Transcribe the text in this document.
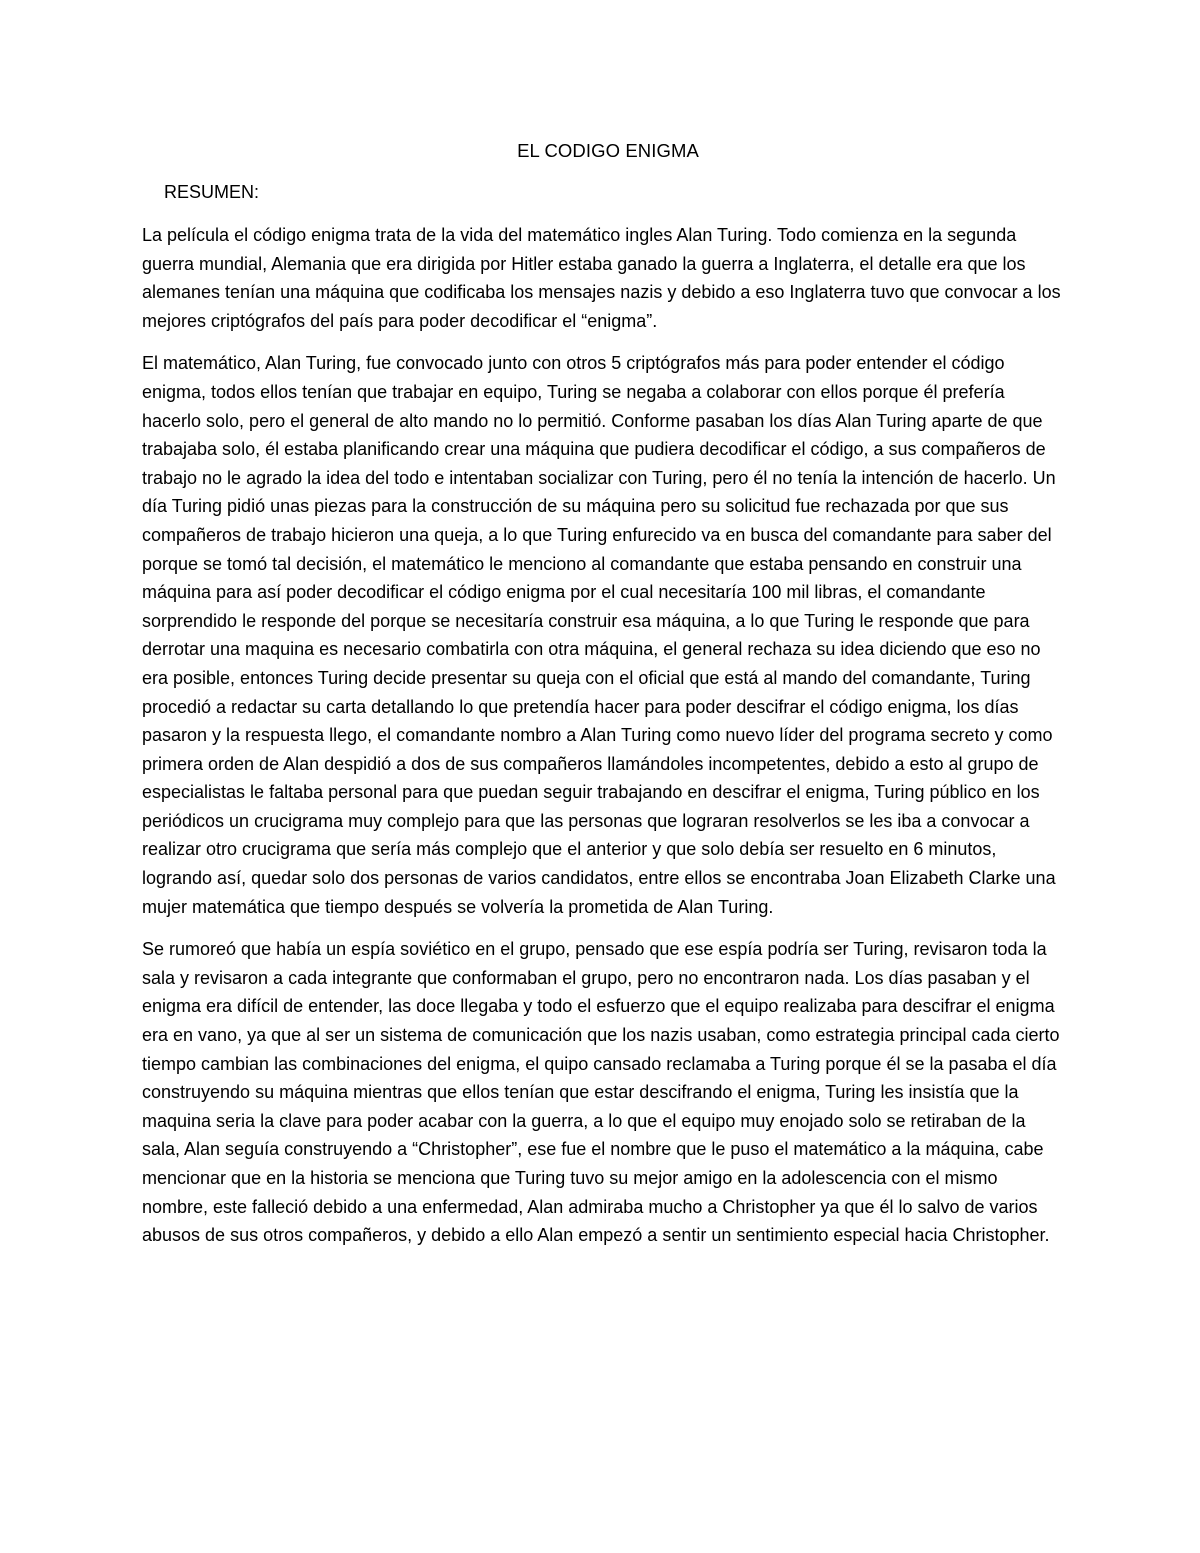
EL CODIGO ENIGMA
RESUMEN:

La película el código enigma trata de la vida del matemático ingles Alan Turing. Todo comienza en la segunda guerra mundial, Alemania que era dirigida por Hitler estaba ganado la guerra a Inglaterra, el detalle era que los alemanes tenían una máquina que codificaba los mensajes nazis y debido a eso Inglaterra tuvo que convocar a los mejores criptógrafos del país para poder decodificar el “enigma”.

El matemático, Alan Turing, fue convocado junto con otros 5 criptógrafos más para poder entender el código enigma, todos ellos tenían que trabajar en equipo, Turing se negaba a colaborar con ellos porque él prefería hacerlo solo, pero el general de alto mando no lo permitió. Conforme pasaban los días Alan Turing aparte de que trabajaba solo, él estaba planificando crear una máquina que pudiera decodificar el código, a sus compañeros de trabajo no le agrado la idea del todo e intentaban socializar con Turing, pero él no tenía la intención de hacerlo. Un día Turing pidió unas piezas para la construcción de su máquina pero su solicitud fue rechazada por que sus compañeros de trabajo hicieron una queja, a lo que Turing enfurecido va en busca del comandante para saber del porque se tomó tal decisión, el matemático le menciono al comandante que estaba pensando en construir una máquina para así poder decodificar el código enigma por el cual necesitaría 100 mil libras, el comandante sorprendido le responde del porque se necesitaría construir esa máquina, a lo que Turing le responde que para derrotar una maquina es necesario combatirla con otra máquina, el general rechaza su idea diciendo que eso no era posible, entonces Turing decide presentar su queja con el oficial que está al mando del comandante, Turing procedió a redactar su carta detallando lo que pretendía hacer para poder descifrar el código enigma, los días pasaron y la respuesta llego, el comandante nombro a Alan Turing como nuevo líder del programa secreto y como primera orden de Alan despidió a dos de sus compañeros llamándoles incompetentes, debido a esto al grupo de especialistas le faltaba personal para que puedan seguir trabajando en descifrar el enigma, Turing público en los periódicos un crucigrama muy complejo para que las personas que lograran resolverlos se les iba a convocar a realizar otro crucigrama que sería más complejo que el anterior y que solo debía ser resuelto en 6 minutos, logrando así, quedar solo dos personas de varios candidatos, entre ellos se encontraba Joan Elizabeth Clarke una mujer matemática que tiempo después se volvería la prometida de Alan Turing.

Se rumoreó que había un espía soviético en el grupo, pensado que ese espía podría ser Turing, revisaron toda la sala y revisaron a cada integrante que conformaban el grupo, pero no encontraron nada. Los días pasaban y el enigma era difícil de entender, las doce llegaba y todo el esfuerzo que el equipo realizaba para descifrar el enigma era en vano, ya que al ser un sistema de comunicación que los nazis usaban, como estrategia principal cada cierto tiempo cambian las combinaciones del enigma, el quipo cansado reclamaba a Turing porque él se la pasaba el día construyendo su máquina mientras que ellos tenían que estar descifrando el enigma, Turing les insistía que la maquina seria la clave para poder acabar con la guerra, a lo que el equipo muy enojado solo se retiraban de la sala, Alan seguía construyendo a “Christopher”, ese fue el nombre que le puso el matemático a la máquina, cabe mencionar que en la historia se menciona que Turing tuvo su mejor amigo en la adolescencia con el mismo nombre, este falleció debido a una enfermedad, Alan admiraba mucho a Christopher ya que él lo salvo de varios abusos de sus otros compañeros, y debido a ello Alan empezó a sentir un sentimiento especial hacia Christopher.
